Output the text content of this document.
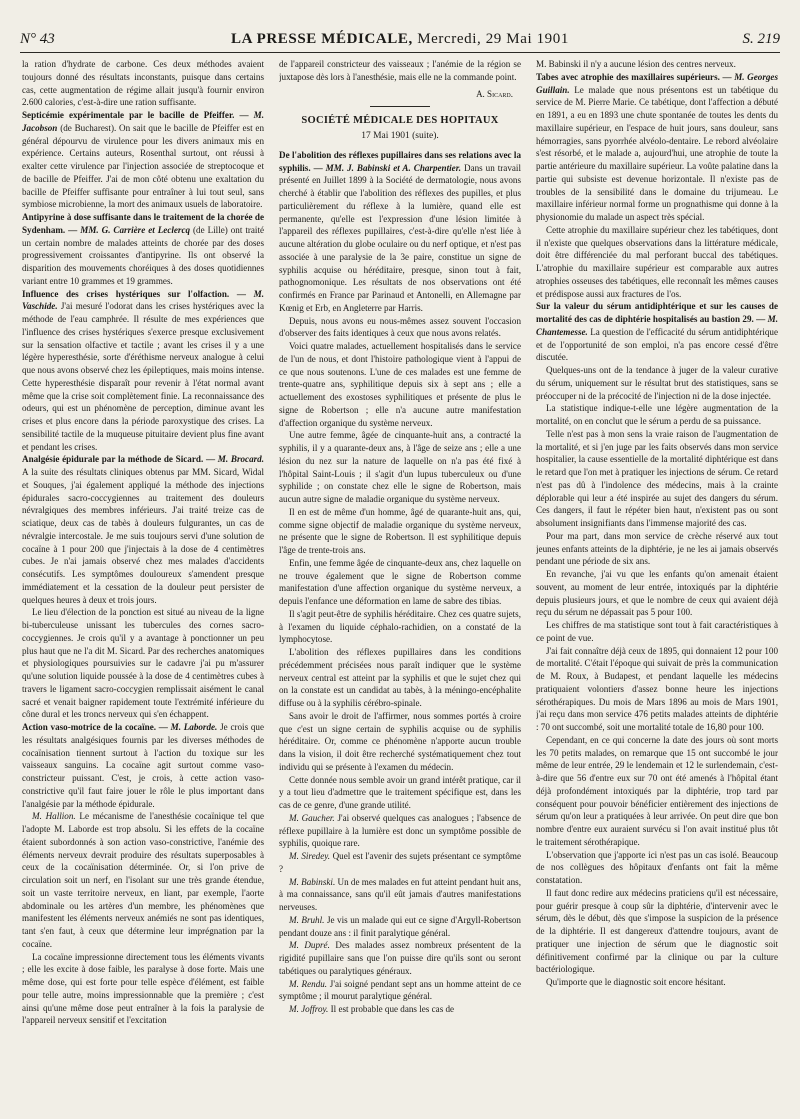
N° 43	LA PRESSE MÉDICALE, Mercredi, 29 Mai 1901	S. 219

la ration d'hydrate de carbone. Ces deux méthodes avaient toujours donné des résultats inconstants, puisque dans certains cas, cette augmentation de régime allait jusqu'à fournir environ 2.600 calories, c'est-à-dire une ration suffisante.

Septicémie expérimentale par le bacille de Pfeiffer. — M. Jacobson (de Bucharest). On sait que le bacille de Pfeiffer est en général dépourvu de virulence pour les divers animaux mis en expérience. Certains auteurs, Rosenthal surtout, ont réussi à exalter cette virulence par l'injection associée de streptocoque et de bacille de Pfeiffer. J'ai de mon côté obtenu une exaltation du bacille de Pfeiffer suffisante pour entraîner à lui tout seul, sans symbiose microbienne, la mort des animaux usuels de laboratoire.

Antipyrine à dose suffisante dans le traitement de la chorée de Sydenham. — MM. G. Carrière et Leclercq (de Lille) ont traité un certain nombre de malades atteints de chorée par des doses progressivement croissantes d'antipyrine. Ils ont observé la disparition des mouvements choréiques à des doses quotidiennes variant entre 10 grammes et 19 grammes.

Influence des crises hystériques sur l'olfaction. — M. Vaschide. J'ai mesuré l'odorat dans les crises hystériques avec la méthode de l'eau camphrée. Il résulte de mes expériences que l'influence des crises hystériques s'exerce presque exclusivement sur la sensation olfactive et tactile ; avant les crises il y a une légère hyperesthésie, sorte d'éréthisme nerveux analogue à celui que nous avons observé chez les épileptiques, mais moins intense. Cette hyperesthésie disparaît pour revenir à l'état normal avant même que la crise soit complètement finie. La reconnaissance des odeurs, qui est un phénomène de perception, diminue avant les crises et plus encore dans la période paroxystique des crises. La sensibilité tactile de la muqueuse pituitaire devient plus fine avant et pendant les crises.

Analgésie épidurale par la méthode de Sicard. — M. Brocard. A la suite des résultats cliniques obtenus par MM. Sicard, Widal et Souques, j'ai également appliqué la méthode des injections épidurales sacro-coccygiennes au traitement des douleurs névralgiques des membres inférieurs. J'ai traité treize cas de sciatique, deux cas de tabès à douleurs fulgurantes, un cas de névralgie intercostale. Je me suis toujours servi d'une solution de cocaïne à 1 pour 200 que j'injectais à la dose de 4 centimètres cubes. Je n'ai jamais observé chez mes malades d'accidents consécutifs. Les symptômes douloureux s'amendent presque immédiatement et la cessation de la douleur peut persister de quelques heures à deux et trois jours.

Le lieu d'élection de la ponction est situé au niveau de la ligne bi-tuberculeuse unissant les tubercules des cornes sacro-coccygiennes. Je crois qu'il y a avantage à ponctionner un peu plus haut que ne l'a dit M. Sicard. Par des recherches anatomiques et physiologiques poursuivies sur le cadavre j'ai pu m'assurer qu'une solution liquide poussée à la dose de 4 centimètres cubes à travers le ligament sacro-coccygien remplissait aisément le canal sacré et venait baigner rapidement toute l'extrémité inférieure du cône dural et les troncs nerveux qui s'en échappent.

Action vaso-motrice de la cocaïne. — M. Laborde. Je crois que les résultats analgésiques fournis par les diverses méthodes de cocaïnisation tiennent surtout à l'action du toxique sur les vaisseaux sanguins. La cocaïne agit surtout comme vaso-constricteur puissant. C'est, je crois, à cette action vaso-constrictive qu'il faut faire jouer le rôle le plus important dans l'analgésie par la méthode épidurale.

M. Hallion. Le mécanisme de l'anesthésie cocaïnique tel que l'adopte M. Laborde est trop absolu. Si les effets de la cocaïne étaient subordonnés à son action vaso-constrictive, l'anémie des éléments nerveux devrait produire des résultats superposables à ceux de la cocaïnisation déterminée. Or, si l'on prive de circulation soit un nerf, en l'isolant sur une très grande étendue, soit un vaste territoire nerveux, en liant, par exemple, l'aorte abdominale ou les artères d'un membre, les phénomènes que manifestent les éléments nerveux anémiés ne sont pas identiques, tant s'en faut, à ceux que détermine leur imprégnation par la cocaïne.

La cocaïne impressionne directement tous les éléments vivants ; elle les excite à dose faible, les paralyse à dose forte. Mais une même dose, qui est forte pour telle espèce d'élément, est faible pour telle autre, moins impressionnable que la première ; c'est ainsi qu'une même dose peut entraîner à la fois la paralysie de l'appareil nerveux sensitif et l'excitation

de l'appareil constricteur des vaisseaux ; l'anémie de la région se juxtapose dès lors à l'anesthésie, mais elle ne la commande point.

A. Sicard.
SOCIÉTÉ MÉDICALE DES HOPITAUX
17 Mai 1901 (suite).

De l'abolition des réflexes pupillaires dans ses relations avec la syphilis. — MM. J. Babinski et A. Charpentier. Dans un travail présenté en Juillet 1899 à la Société de dermatologie, nous avons cherché à établir que l'abolition des réflexes des pupilles, et plus particulièrement du réflexe à la lumière, quand elle est permanente, qu'elle est l'expression d'une lésion limitée à l'appareil des réflexes pupillaires, c'est-à-dire qu'elle n'est liée à aucune altération du globe oculaire ou du nerf optique, et n'est pas associée à une paralysie de la 3e paire, constitue un signe de syphilis acquise ou héréditaire, presque, sinon tout à fait, pathognomonique. Les résultats de nos observations ont été confirmés en France par Parinaud et Antonelli, en Allemagne par Kœnig et Erb, en Angleterre par Harris.

Depuis, nous avons eu nous-mêmes assez souvent l'occasion d'observer des faits identiques à ceux que nous avons relatés.

Voici quatre malades, actuellement hospitalisés dans le service de l'un de nous, et dont l'histoire pathologique vient à l'appui de ce que nous soutenons. L'une de ces malades est une femme de trente-quatre ans, syphilitique depuis six à sept ans ; elle a actuellement des exostoses syphilitiques et présente de plus le signe de Robertson ; elle n'a aucune autre manifestation d'affection organique du système nerveux.

Une autre femme, âgée de cinquante-huit ans, a contracté la syphilis, il y a quarante-deux ans, à l'âge de seize ans ; elle a une lésion du nez sur la nature de laquelle on n'a pas été fixé à l'hôpital Saint-Louis ; il s'agit d'un lupus tuberculeux ou d'une syphilide ; on constate chez elle le signe de Robertson, mais aucun autre signe de maladie organique du système nerveux.

Il en est de même d'un homme, âgé de quarante-huit ans, qui, comme signe objectif de maladie organique du système nerveux, ne présente que le signe de Robertson. Il est syphilitique depuis l'âge de trente-trois ans.

Enfin, une femme âgée de cinquante-deux ans, chez laquelle on ne trouve également que le signe de Robertson comme manifestation d'une affection organique du système nerveux, a depuis l'enfance une déformation en lame de sabre des tibias.

Il s'agit peut-être de syphilis héréditaire. Chez ces quatre sujets, à l'examen du liquide céphalo-rachidien, on a constaté de la lymphocytose.

L'abolition des réflexes pupillaires dans les conditions précédemment précisées nous paraît indiquer que le système nerveux central est atteint par la syphilis et que le sujet chez qui on la constate est un candidat au tabès, à la méningo-encéphalite diffuse ou à la syphilis cérébro-spinale.

Sans avoir le droit de l'affirmer, nous sommes portés à croire que c'est un signe certain de syphilis acquise ou de syphilis héréditaire. Or, comme ce phénomène n'apporte aucun trouble dans la vision, il doit être recherché systématiquement chez tout individu qui se présente à l'examen du médecin.

Cette donnée nous semble avoir un grand intérêt pratique, car il y a tout lieu d'admettre que le traitement spécifique est, dans les cas de ce genre, d'une grande utilité.

M. Gaucher. J'ai observé quelques cas analogues ; l'absence de réflexe pupillaire à la lumière est donc un symptôme possible de syphilis, quoique rare.

M. Siredey. Quel est l'avenir des sujets présentant ce symptôme ?

M. Babinski. Un de mes malades en fut atteint pendant huit ans, à ma connaissance, sans qu'il eût jamais d'autres manifestations nerveuses.

M. Bruhl. Je vis un malade qui eut ce signe d'Argyll-Robertson pendant douze ans : il finit paralytique général.

M. Dupré. Des malades assez nombreux présentent de la rigidité pupillaire sans que l'on puisse dire qu'ils sont ou seront tabétiques ou paralytiques généraux.

M. Rendu. J'ai soigné pendant sept ans un homme atteint de ce symptôme ; il mourut paralytique général.

M. Joffroy. Il est probable que dans les cas de

M. Babinski il n'y a aucune lésion des centres nerveux.

Tabes avec atrophie des maxillaires supérieurs. — M. Georges Guillain. Le malade que nous présentons est un tabétique du service de M. Pierre Marie. Ce tabétique, dont l'affection a débuté en 1891, a eu en 1893 une chute spontanée de toutes les dents du maxillaire supérieur, en l'espace de huit jours, sans douleur, sans hémorragies, sans pyorrhée alvéolo-dentaire. Le rebord alvéolaire s'est résorbé, et le malade a, aujourd'hui, une atrophie de toute la partie antérieure du maxillaire supérieur. La voûte palatine dans la partie qui subsiste est devenue horizontale. Il n'existe pas de troubles de la sensibilité dans le domaine du trijumeau. Le maxillaire inférieur normal forme un prognathisme qui donne à la physionomie du malade un aspect très spécial.

Cette atrophie du maxillaire supérieur chez les tabétiques, dont il n'existe que quelques observations dans la littérature médicale, doit être différenciée du mal perforant buccal des tabétiques. L'atrophie du maxillaire supérieur est comparable aux autres atrophies osseuses des tabétiques, elle reconnaît les mêmes causes et prédispose aussi aux fractures de l'os.

Sur la valeur du sérum antidiphtérique et sur les causes de mortalité des cas de diphtérie hospitalisés au bastion 29. — M. Chantemesse. La question de l'efficacité du sérum antidiphtérique et de l'opportunité de son emploi, n'a pas encore cessé d'être discutée.

Quelques-uns ont de la tendance à juger de la valeur curative du sérum, uniquement sur le résultat brut des statistiques, sans se préoccuper ni de la précocité de l'injection ni de la dose injectée.

La statistique indique-t-elle une légère augmentation de la mortalité, on en conclut que le sérum a perdu de sa puissance.

Telle n'est pas à mon sens la vraie raison de l'augmentation de la mortalité, et si j'en juge par les faits observés dans mon service hospitalier, la cause essentielle de la mortalité diphtérique est dans le retard que l'on met à pratiquer les injections de sérum. Ce retard n'est pas dû à l'indolence des médecins, mais à la crainte déplorable qui leur a été inspirée au sujet des dangers du sérum. Ces dangers, il faut le répéter bien haut, n'existent pas ou sont absolument insignifiants dans l'immense majorité des cas.

Pour ma part, dans mon service de crèche réservé aux tout jeunes enfants atteints de la diphtérie, je ne les ai jamais observés pendant une période de six ans.

En revanche, j'ai vu que les enfants qu'on amenait étaient souvent, au moment de leur entrée, intoxiqués par la diphtérie depuis plusieurs jours, et que le nombre de ceux qui avaient déjà reçu du sérum ne dépassait pas 5 pour 100.

Les chiffres de ma statistique sont tout à fait caractéristiques à ce point de vue.

J'ai fait connaître déjà ceux de 1895, qui donnaient 12 pour 100 de mortalité. C'était l'époque qui suivait de près la communication de M. Roux, à Budapest, et pendant laquelle les médecins pratiquaient volontiers d'assez bonne heure les injections sérothérapiques. Du mois de Mars 1896 au mois de Mars 1901, j'ai reçu dans mon service 476 petits malades atteints de diphtérie : 70 ont succombé, soit une mortalité totale de 16,80 pour 100.

Cependant, en ce qui concerne la date des jours où sont morts les 70 petits malades, on remarque que 15 ont succombé le jour même de leur entrée, 29 le lendemain et 12 le surlendemain, c'est-à-dire que 56 d'entre eux sur 70 ont été amenés à l'hôpital étant déjà profondément intoxiqués par la diphtérie, trop tard par conséquent pour pouvoir bénéficier entièrement des injections de sérum qu'on leur a pratiquées à leur arrivée. On peut dire que bon nombre d'entre eux auraient survécu si l'on avait institué plus tôt le traitement sérothérapique.

L'observation que j'apporte ici n'est pas un cas isolé. Beaucoup de nos collègues des hôpitaux d'enfants ont fait la même constatation.

Il faut donc redire aux médecins praticiens qu'il est nécessaire, pour guérir presque à coup sûr la diphtérie, d'intervenir avec le sérum, dès le début, dès que s'impose la suspicion de la présence de la diphtérie. Il est dangereux d'attendre toujours, avant de pratiquer une injection de sérum que le diagnostic soit définitivement confirmé par la clinique ou par la culture bactériologique.

Qu'importe que le diagnostic soit encore hésitant.
